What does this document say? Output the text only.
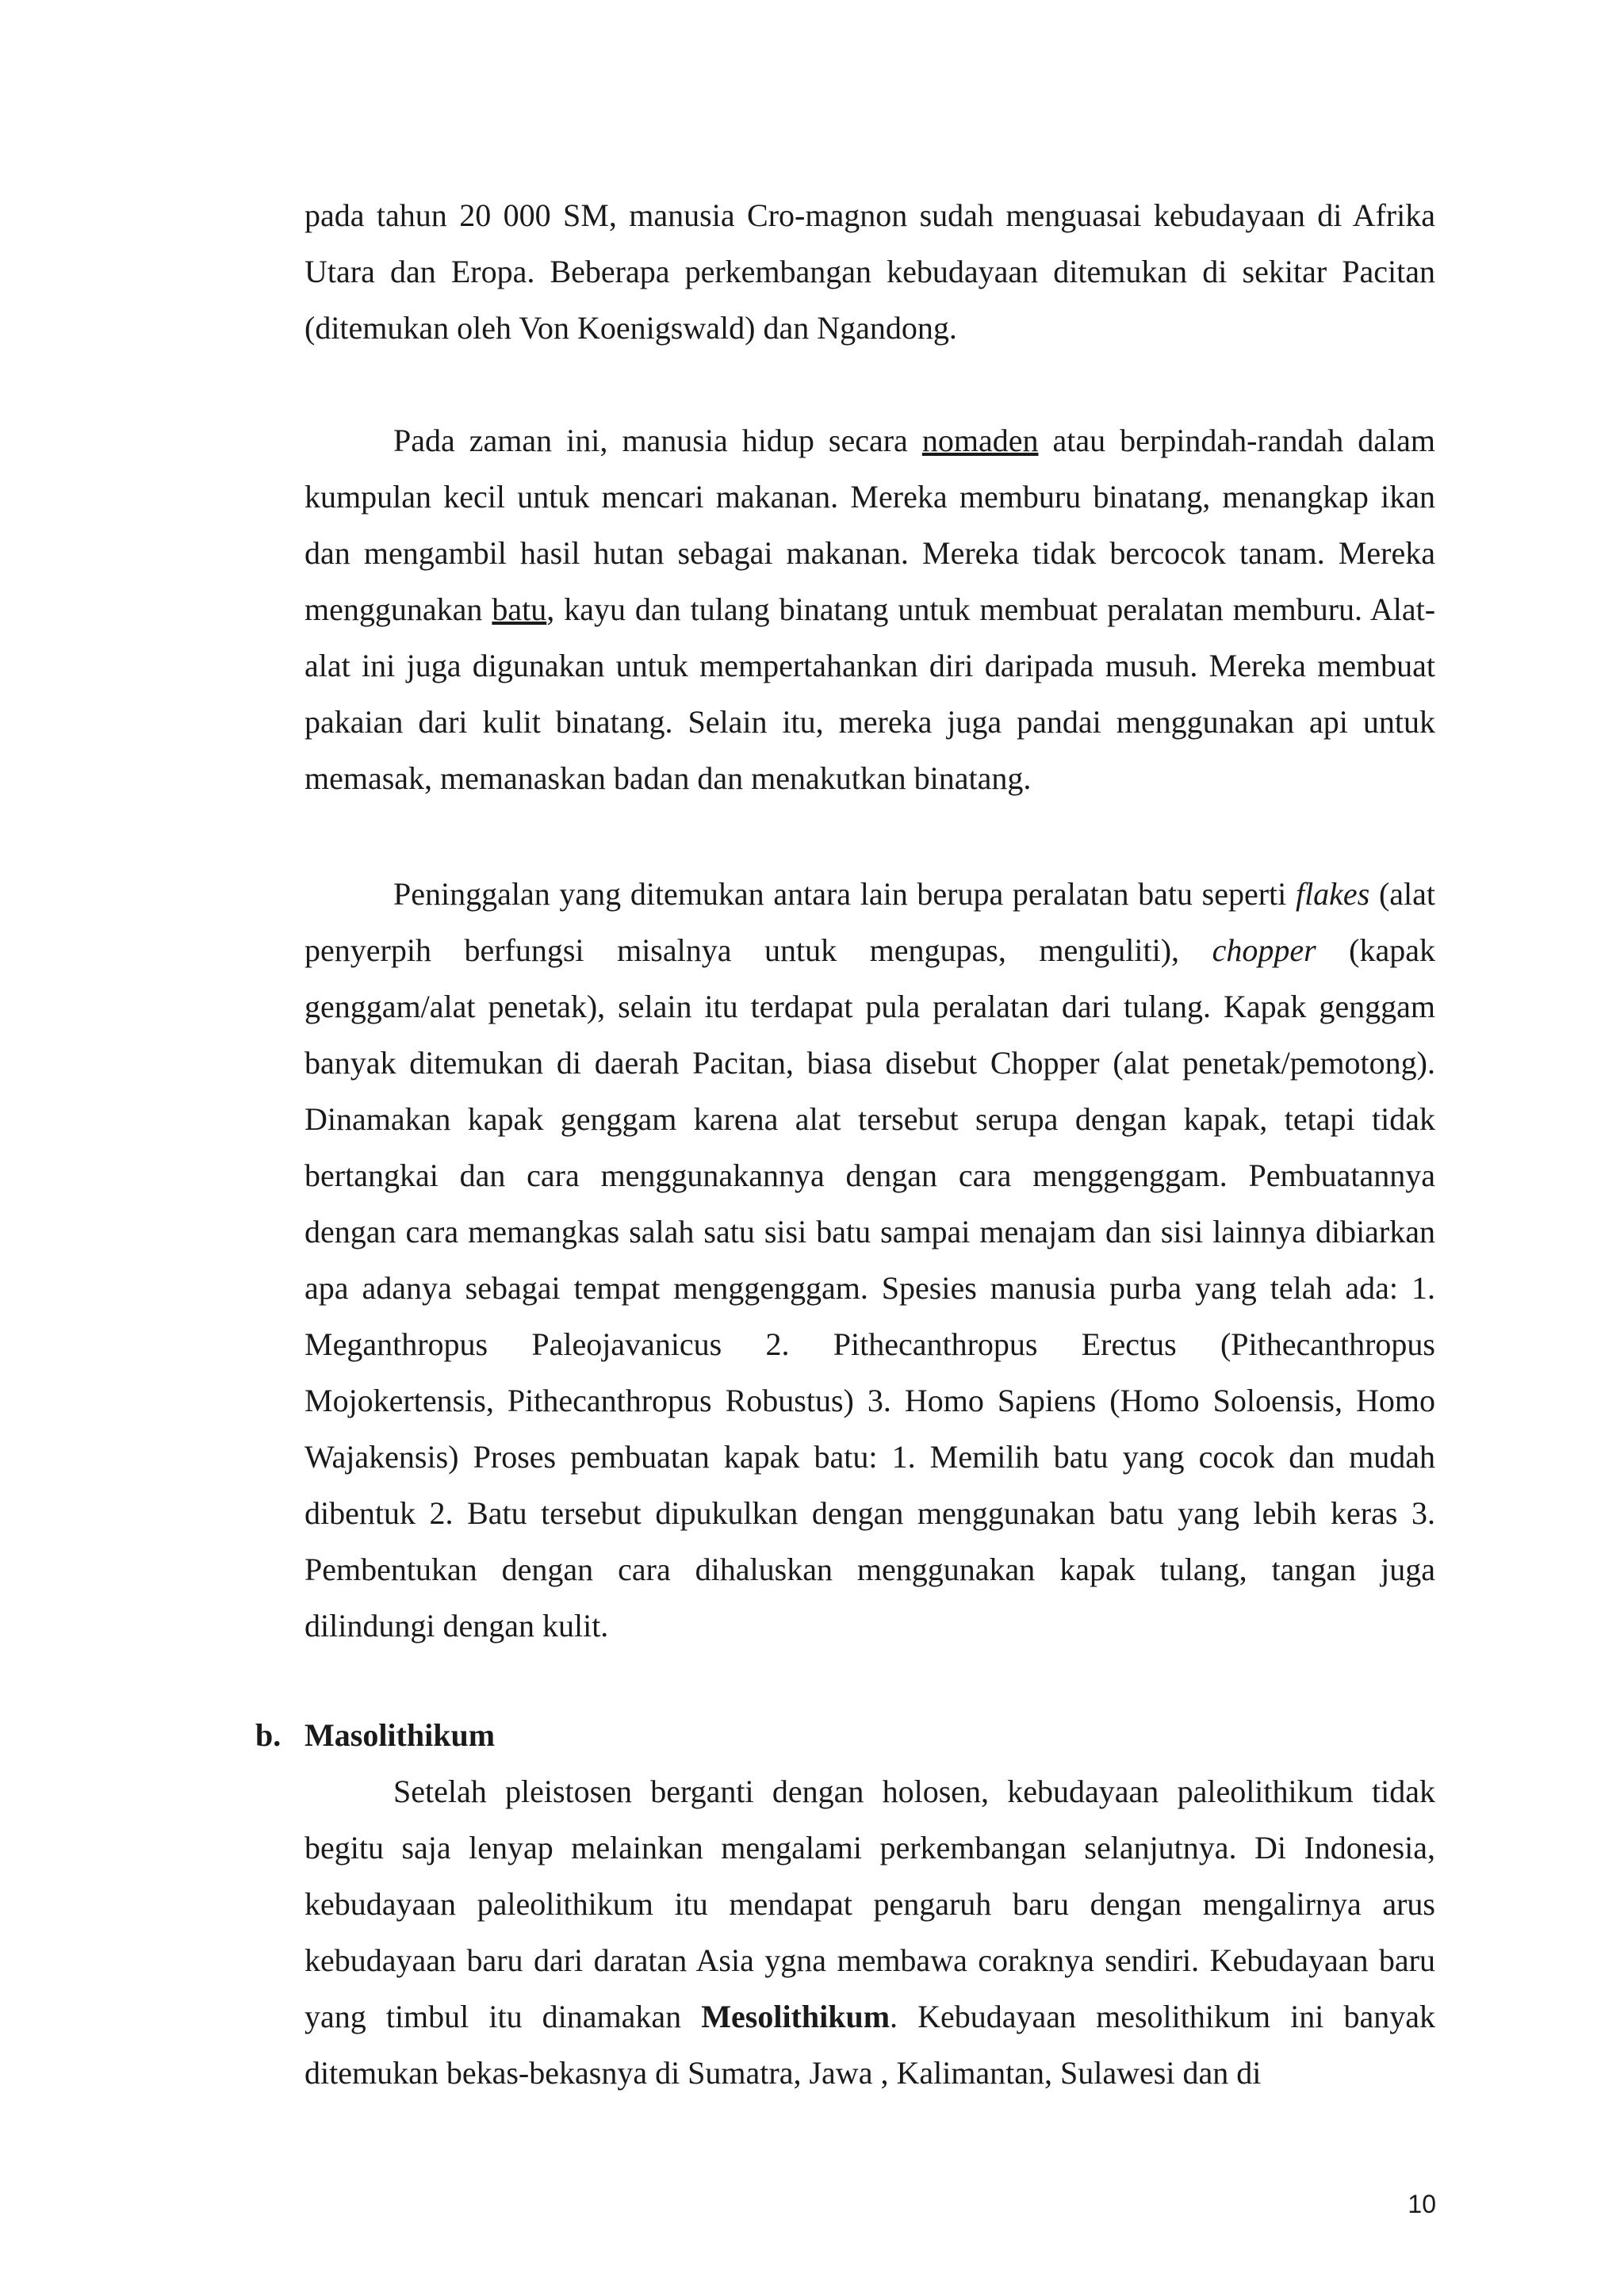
pada tahun 20 000 SM, manusia Cro-magnon sudah menguasai kebudayaan di Afrika Utara dan Eropa. Beberapa perkembangan kebudayaan ditemukan di sekitar Pacitan (ditemukan oleh Von Koenigswald) dan Ngandong.

Pada zaman ini, manusia hidup secara nomaden atau berpindah-randah dalam kumpulan kecil untuk mencari makanan. Mereka memburu binatang, menangkap ikan dan mengambil hasil hutan sebagai makanan. Mereka tidak bercocok tanam. Mereka menggunakan batu, kayu dan tulang binatang untuk membuat peralatan memburu. Alat-alat ini juga digunakan untuk mempertahankan diri daripada musuh. Mereka membuat pakaian dari kulit binatang. Selain itu, mereka juga pandai menggunakan api untuk memasak, memanaskan badan dan menakutkan binatang.

Peninggalan yang ditemukan antara lain berupa peralatan batu seperti flakes (alat penyerpih berfungsi misalnya untuk mengupas, menguliti), chopper (kapak genggam/alat penetak), selain itu terdapat pula peralatan dari tulang. Kapak genggam banyak ditemukan di daerah Pacitan, biasa disebut Chopper (alat penetak/pemotong). Dinamakan kapak genggam karena alat tersebut serupa dengan kapak, tetapi tidak bertangkai dan cara menggunakannya dengan cara menggenggam. Pembuatannya dengan cara memangkas salah satu sisi batu sampai menajam dan sisi lainnya dibiarkan apa adanya sebagai tempat menggenggam. Spesies manusia purba yang telah ada: 1. Meganthropus Paleojavanicus 2. Pithecanthropus Erectus (Pithecanthropus Mojokertensis, Pithecanthropus Robustus) 3. Homo Sapiens (Homo Soloensis, Homo Wajakensis) Proses pembuatan kapak batu: 1. Memilih batu yang cocok dan mudah dibentuk 2. Batu tersebut dipukulkan dengan menggunakan batu yang lebih keras 3. Pembentukan dengan cara dihaluskan menggunakan kapak tulang, tangan juga dilindungi dengan kulit.

b. Masolithikum

Setelah pleistosen berganti dengan holosen, kebudayaan paleolithikum tidak begitu saja lenyap melainkan mengalami perkembangan selanjutnya. Di Indonesia, kebudayaan paleolithikum itu mendapat pengaruh baru dengan mengalirnya arus kebudayaan baru dari daratan Asia ygna membawa coraknya sendiri. Kebudayaan baru yang timbul itu dinamakan Mesolithikum. Kebudayaan mesolithikum ini banyak ditemukan bekas-bekasnya di Sumatra, Jawa , Kalimantan, Sulawesi dan di

10
